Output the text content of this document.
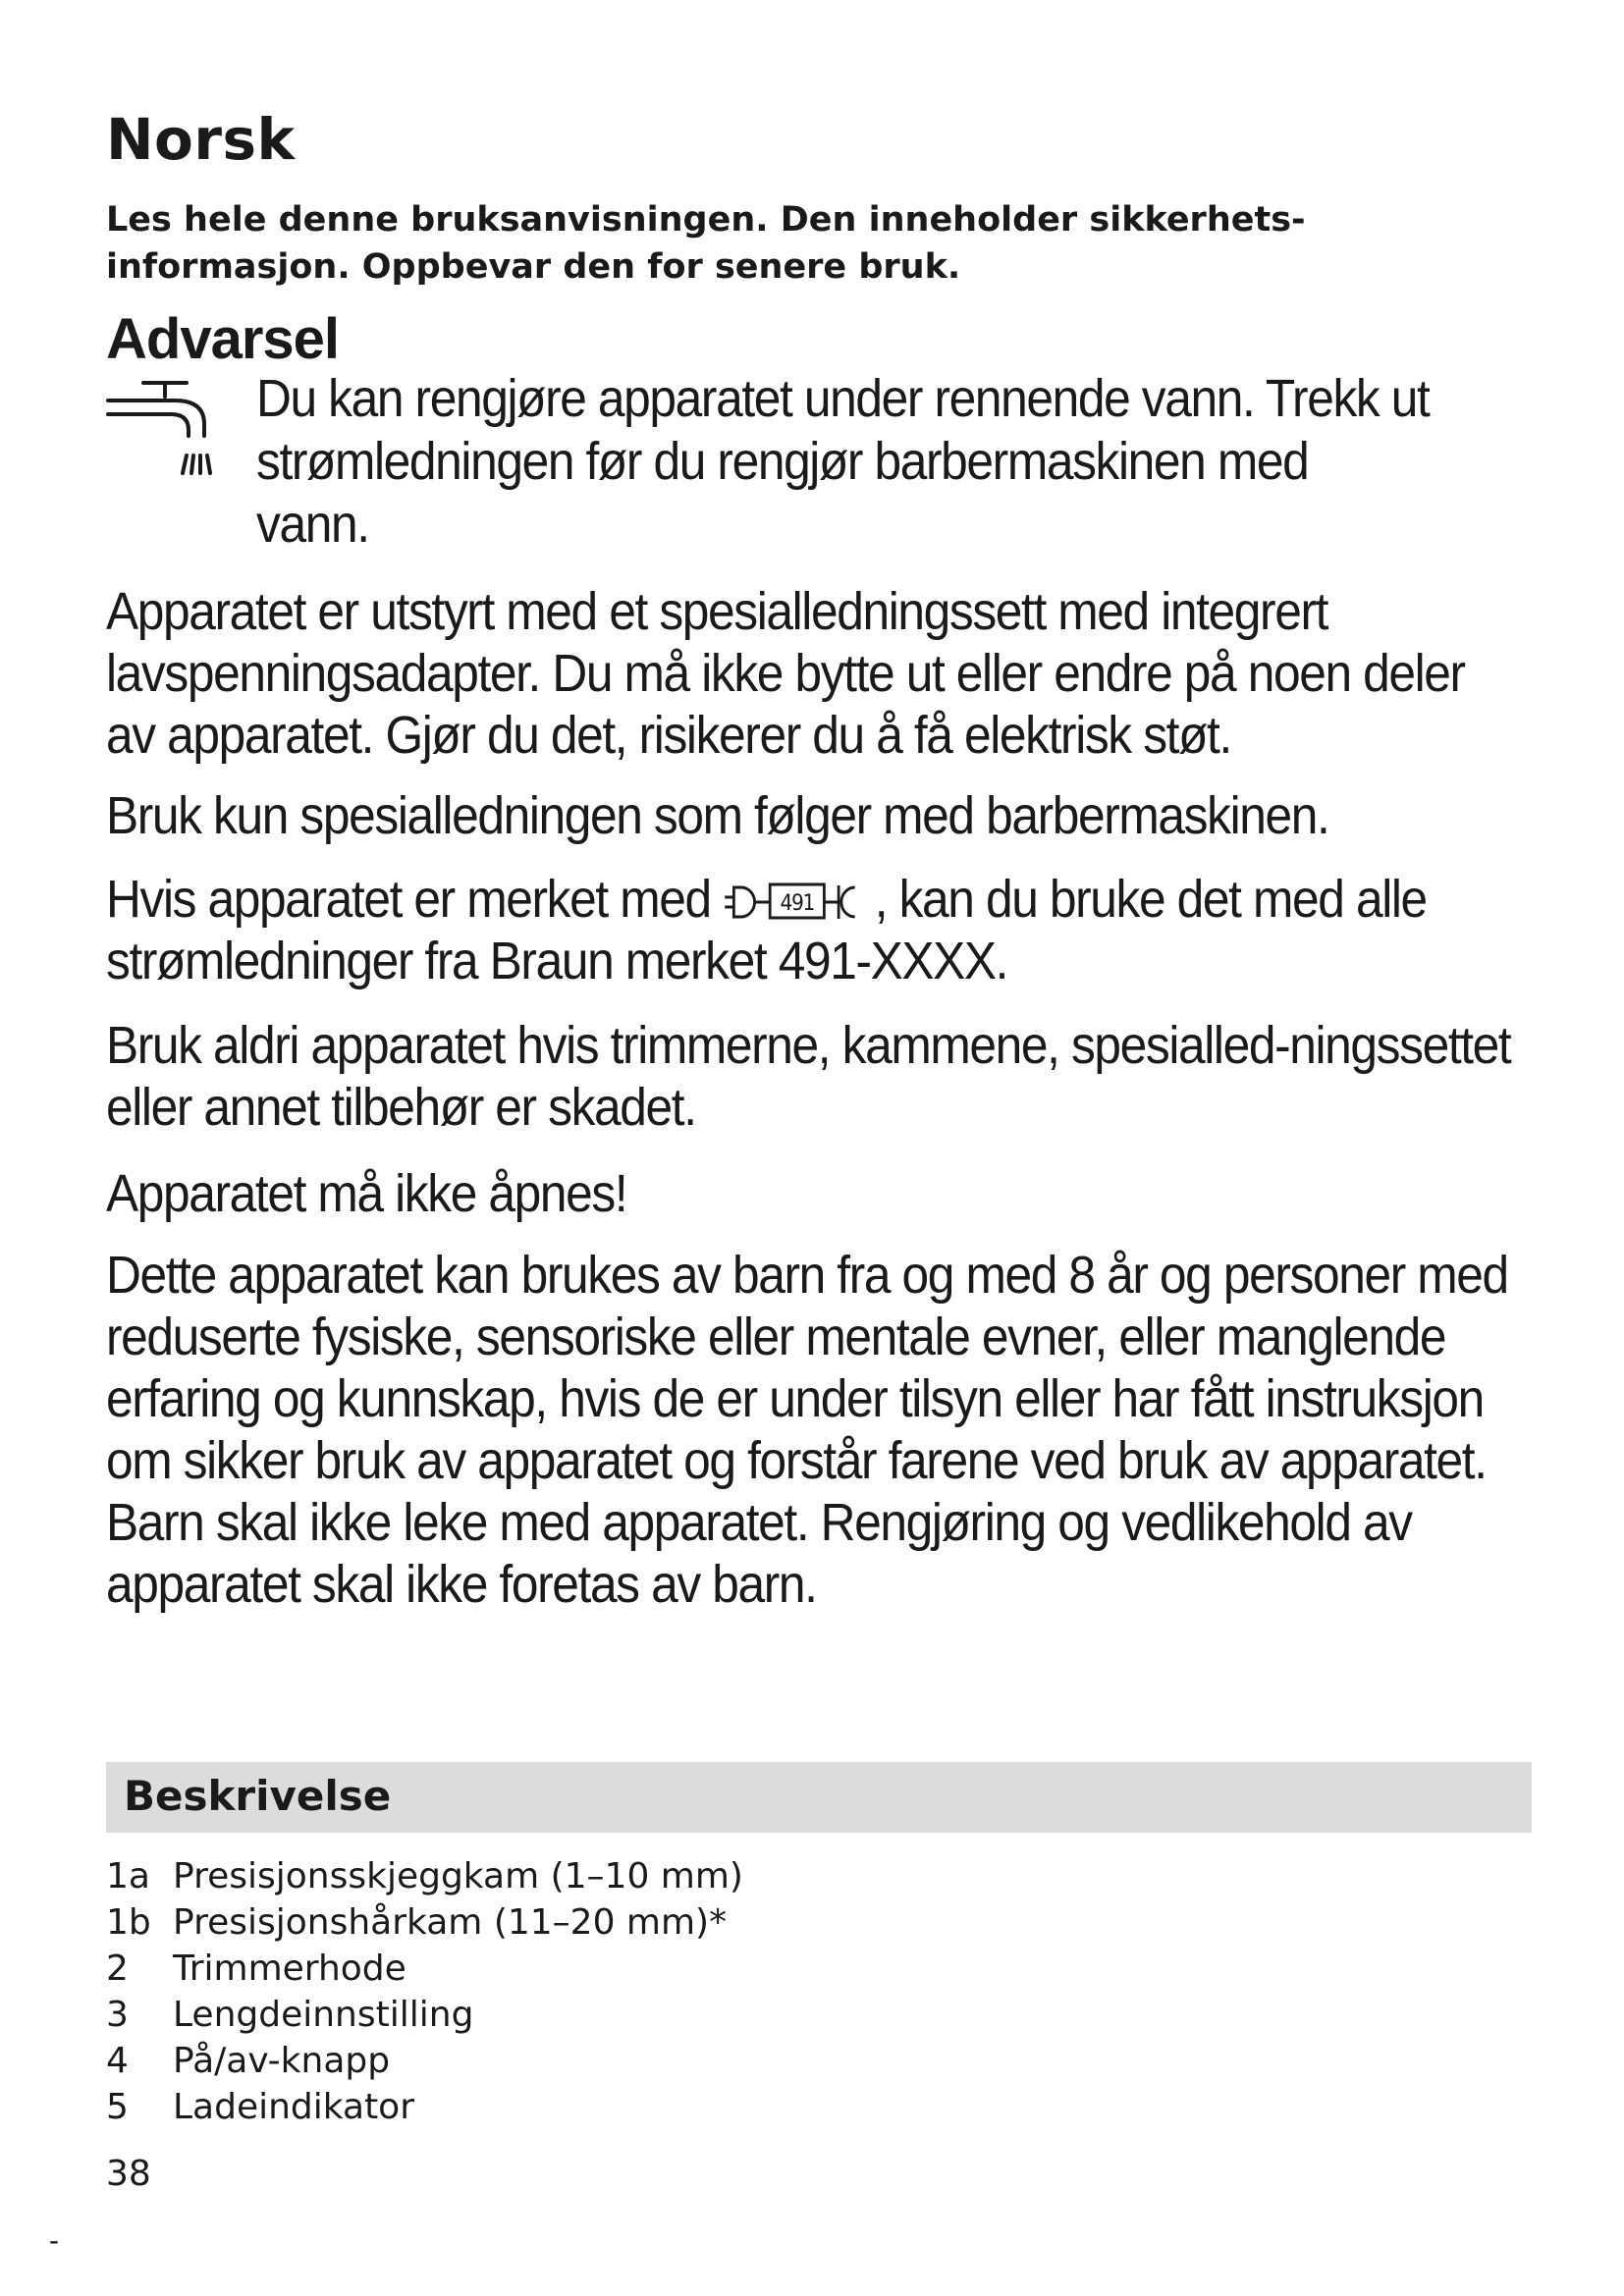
Norsk

Les hele denne bruksanvisningen. Den inneholder sikkerhets-informasjon. Oppbevar den for senere bruk.

Advarsel

Du kan rengjøre apparatet under rennende vann. Trekk ut strømledningen før du rengjør barbermaskinen med vann.

Apparatet er utstyrt med et spesialledningssett med integrert lavspenningsadapter. Du må ikke bytte ut eller endre på noen deler av apparatet. Gjør du det, risikerer du å få elektrisk støt.

Bruk kun spesialledningen som følger med barbermaskinen.

Hvis apparatet er merket med	491 , kan du bruke det med alle strømledninger fra Braun merket 491-XXXX.

Bruk aldri apparatet hvis trimmerne, kammene, spesialled-ningssettet eller annet tilbehør er skadet.

Apparatet må ikke åpnes!

Dette apparatet kan brukes av barn fra og med 8 år og personer med reduserte fysiske, sensoriske eller mentale evner, eller manglende erfaring og kunnskap, hvis de er under tilsyn eller har fått instruksjon om sikker bruk av apparatet og forstår farene ved bruk av apparatet. Barn skal ikke leke med apparatet. Rengjøring og vedlikehold av apparatet skal ikke foretas av barn.

Beskrivelse
1a Presisjonsskjeggkam (1–10 mm)
1b Presisjonshårkam (11–20 mm)*
2 Trimmerhode
3 Lengdeinnstilling
4 På/av-knapp
5 Ladeindikator
38
-
